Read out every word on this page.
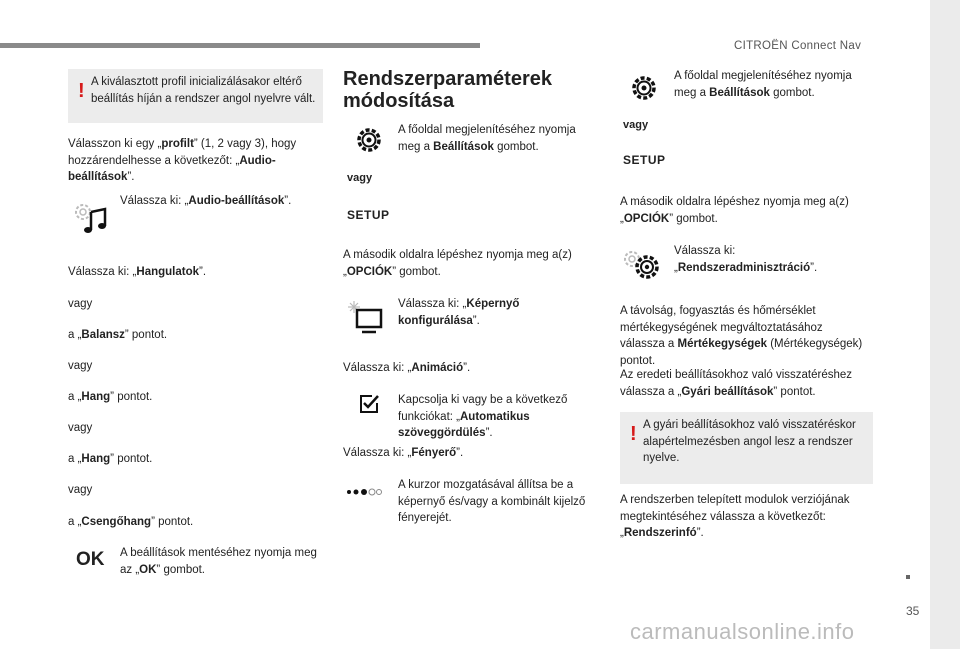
CITROËN Connect Nav
! A kiválasztott profil inicializálásakor eltérő beállítás híján a rendszer angol nyelvre vált.

Válasszon ki egy „profilt” (1, 2 vagy 3), hogy hozzárendelhesse a következőt: „Audio-beállítások”.

Válassza ki: „Audio-beállítások”.

Válassza ki: „Hangulatok”.

vagy

a „Balansz” pontot.

vagy

a „Hang” pontot.

vagy

a „Hang” pontot.

vagy

a „Csengőhang” pontot.

OK A beállítások mentéséhez nyomja meg az „OK” gombot.

Rendszerparaméterek módosítása

A főoldal megjelenítéséhez nyomja meg a Beállítások gombot.

vagy
SETUP

A második oldalra lépéshez nyomja meg a(z) „OPCIÓK” gombot.

Válassza ki: „Képernyő konfigurálása”.

Válassza ki: „Animáció”.

Kapcsolja ki vagy be a következő funkciókat: „Automatikus szöveggördülés”.

Válassza ki: „Fényerő”.

A kurzor mozgatásával állítsa be a képernyő és/vagy a kombinált kijelző fényerejét.

A főoldal megjelenítéséhez nyomja meg a Beállítások gombot.

vagy
SETUP

A második oldalra lépéshez nyomja meg a(z) „OPCIÓK” gombot.

Válassza ki: „Rendszeradminisztráció”.

A távolság, fogyasztás és hőmérséklet mértékegységének megváltoztatásához válassza a Mértékegységek (Mértékegységek) pontot.

Az eredeti beállításokhoz való visszatéréshez válassza a „Gyári beállítások” pontot.

! A gyári beállításokhoz való visszatéréskor alapértelmezésben angol lesz a rendszer nyelve.

A rendszerben telepített modulok verziójának megtekintéséhez válassza a következőt: „Rendszerinfó”.

35
carmanualsonline.info
